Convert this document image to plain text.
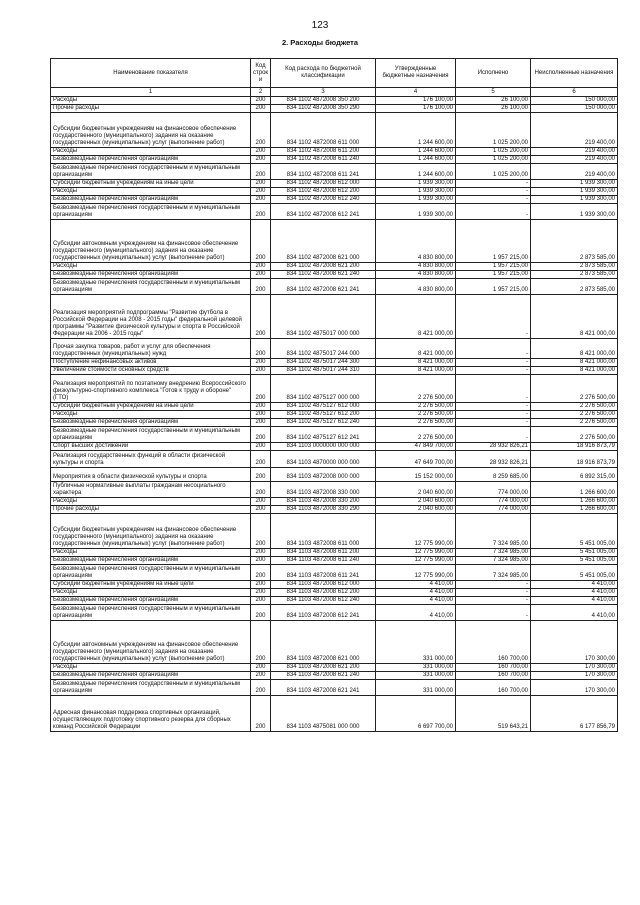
123
2. Расходы бюджета
Наименование показателя	Код строк и	Код расхода по бюджетной классификации	Утвержденные бюджетные назначения	Исполнено	Неисполненные назначения
1	2	3	4	5	6
Расходы	200	834 1102 4872008 350 200	176 100,00	26 100,00	150 000,00
Прочие расходы	200	834 1102 4872008 350 290	176 100,00	26 100,00	150 000,00
Субсидии бюджетным учреждениям на финансовое обеспечение государственного (муниципального) задания на оказание государственных (муниципальных) услуг (выполнение работ)	200	834 1102 4872008 611 000	1 244 600,00	1 025 200,00	219 400,00
Расходы	200	834 1102 4872008 611 200	1 244 600,00	1 025 200,00	219 400,00
Безвозмездные перечисления организациям	200	834 1102 4872008 611 240	1 244 600,00	1 025 200,00	219 400,00
Безвозмездные перечисления государственным и муниципальным организациям	200	834 1102 4872008 611 241	1 244 600,00	1 025 200,00	219 400,00
Субсидии бюджетным учреждениям на иные цели	200	834 1102 4872008 612 000	1 939 300,00	-	1 939 300,00
Расходы	200	834 1102 4872008 612 200	1 939 300,00	-	1 939 300,00
Безвозмездные перечисления организациям	200	834 1102 4872008 612 240	1 939 300,00	-	1 939 300,00
Безвозмездные перечисления государственным и муниципальным организациям	200	834 1102 4872008 612 241	1 939 300,00	-	1 939 300,00
Субсидии автономным учреждениям на финансовое обеспечение государственного (муниципального) задания на оказание государственных (муниципальных) услуг (выполнение работ)	200	834 1102 4872008 621 000	4 830 800,00	1 957 215,00	2 873 585,00
Расходы	200	834 1102 4872008 621 200	4 830 800,00	1 957 215,00	2 873 585,00
Безвозмездные перечисления организациям	200	834 1102 4872008 621 240	4 830 800,00	1 957 215,00	2 873 585,00
Безвозмездные перечисления государственным и муниципальным организациям	200	834 1102 4872008 621 241	4 830 800,00	1 957 215,00	2 873 585,00
Реализация мероприятий подпрограммы "Развитие футбола в Российской Федерации на 2008 - 2015 годы" федеральной целевой программы "Развитие физической культуры и спорта в Российской Федерации на 2006 - 2015 годы"	200	834 1102 4875017 000 000	8 421 000,00	-	8 421 000,00
Прочая закупка товаров, работ и услуг для обеспечения государственных (муниципальных) нужд	200	834 1102 4875017 244 000	8 421 000,00	-	8 421 000,00
Поступление нефинансовых активов	200	834 1102 4875017 244 300	8 421 000,00	-	8 421 000,00
Увеличение стоимости основных средств	200	834 1102 4875017 244 310	8 421 000,00	-	8 421 000,00
Реализация мероприятий по поэтапному внедрению Всероссийского физкультурно-спортивного комплекса "Готов к труду и обороне" (ГТО)	200	834 1102 4875127 000 000	2 276 500,00	-	2 276 500,00
Субсидии бюджетным учреждениям на иные цели	200	834 1102 4875127 612 000	2 276 500,00	-	2 276 500,00
Расходы	200	834 1102 4875127 612 200	2 276 500,00	-	2 276 500,00
Безвозмездные перечисления организациям	200	834 1102 4875127 612 240	2 276 500,00	-	2 276 500,00
Безвозмездные перечисления государственным и муниципальным организациям	200	834 1102 4875127 612 241	2 276 500,00	-	2 276 500,00
Спорт высших достижений	200	834 1103 0000000 000 000	47 849 700,00	28 932 826,21	18 916 873,79
Реализация государственных функций в области физической культуры и спорта	200	834 1103 4870000 000 000	47 649 700,00	28 932 826,21	18 916 873,79
Мероприятия в области физической культуры и спорта	200	834 1103 4872008 000 000	15 152 000,00	8 259 685,00	6 892 315,00
Публичные нормативные выплаты гражданам несоциального характера	200	834 1103 4872008 330 000	2 040 600,00	774 000,00	1 266 600,00
Расходы	200	834 1103 4872008 330 200	2 040 600,00	774 000,00	1 266 600,00
Прочие расходы	200	834 1103 4872008 330 290	2 040 600,00	774 000,00	1 266 600,00
Субсидии бюджетным учреждениям на финансовое обеспечение государственного (муниципального) задания на оказание государственных (муниципальных) услуг (выполнение работ)	200	834 1103 4872008 611 000	12 775 990,00	7 324 985,00	5 451 005,00
Расходы	200	834 1103 4872008 611 200	12 775 990,00	7 324 985,00	5 451 005,00
Безвозмездные перечисления организациям	200	834 1103 4872008 611 240	12 775 990,00	7 324 985,00	5 451 005,00
Безвозмездные перечисления государственным и муниципальным организациям	200	834 1103 4872008 611 241	12 775 990,00	7 324 985,00	5 451 005,00
Субсидии бюджетным учреждениям на иные цели	200	834 1103 4872008 612 000	4 410,00	-	4 410,00
Расходы	200	834 1103 4872008 612 200	4 410,00	-	4 410,00
Безвозмездные перечисления организациям	200	834 1103 4872008 612 240	4 410,00	-	4 410,00
Безвозмездные перечисления государственным и муниципальным организациям	200	834 1103 4872008 612 241	4 410,00	-	4 410,00
Субсидии автономным учреждениям на финансовое обеспечение государственного (муниципального) задания на оказание государственных (муниципальных) услуг (выполнение работ)	200	834 1103 4872008 621 000	331 000,00	160 700,00	170 300,00
Расходы	200	834 1103 4872008 621 200	331 000,00	160 700,00	170 300,00
Безвозмездные перечисления организациям	200	834 1103 4872008 621 240	331 000,00	160 700,00	170 300,00
Безвозмездные перечисления государственным и муниципальным организациям	200	834 1103 4872008 621 241	331 000,00	160 700,00	170 300,00
Адресная финансовая поддержка спортивных организаций, осуществляющих подготовку спортивного резерва для сборных команд Российской Федерации	200	834 1103 4875081 000 000	6 697 700,00	519 643,21	6 177 856,79
